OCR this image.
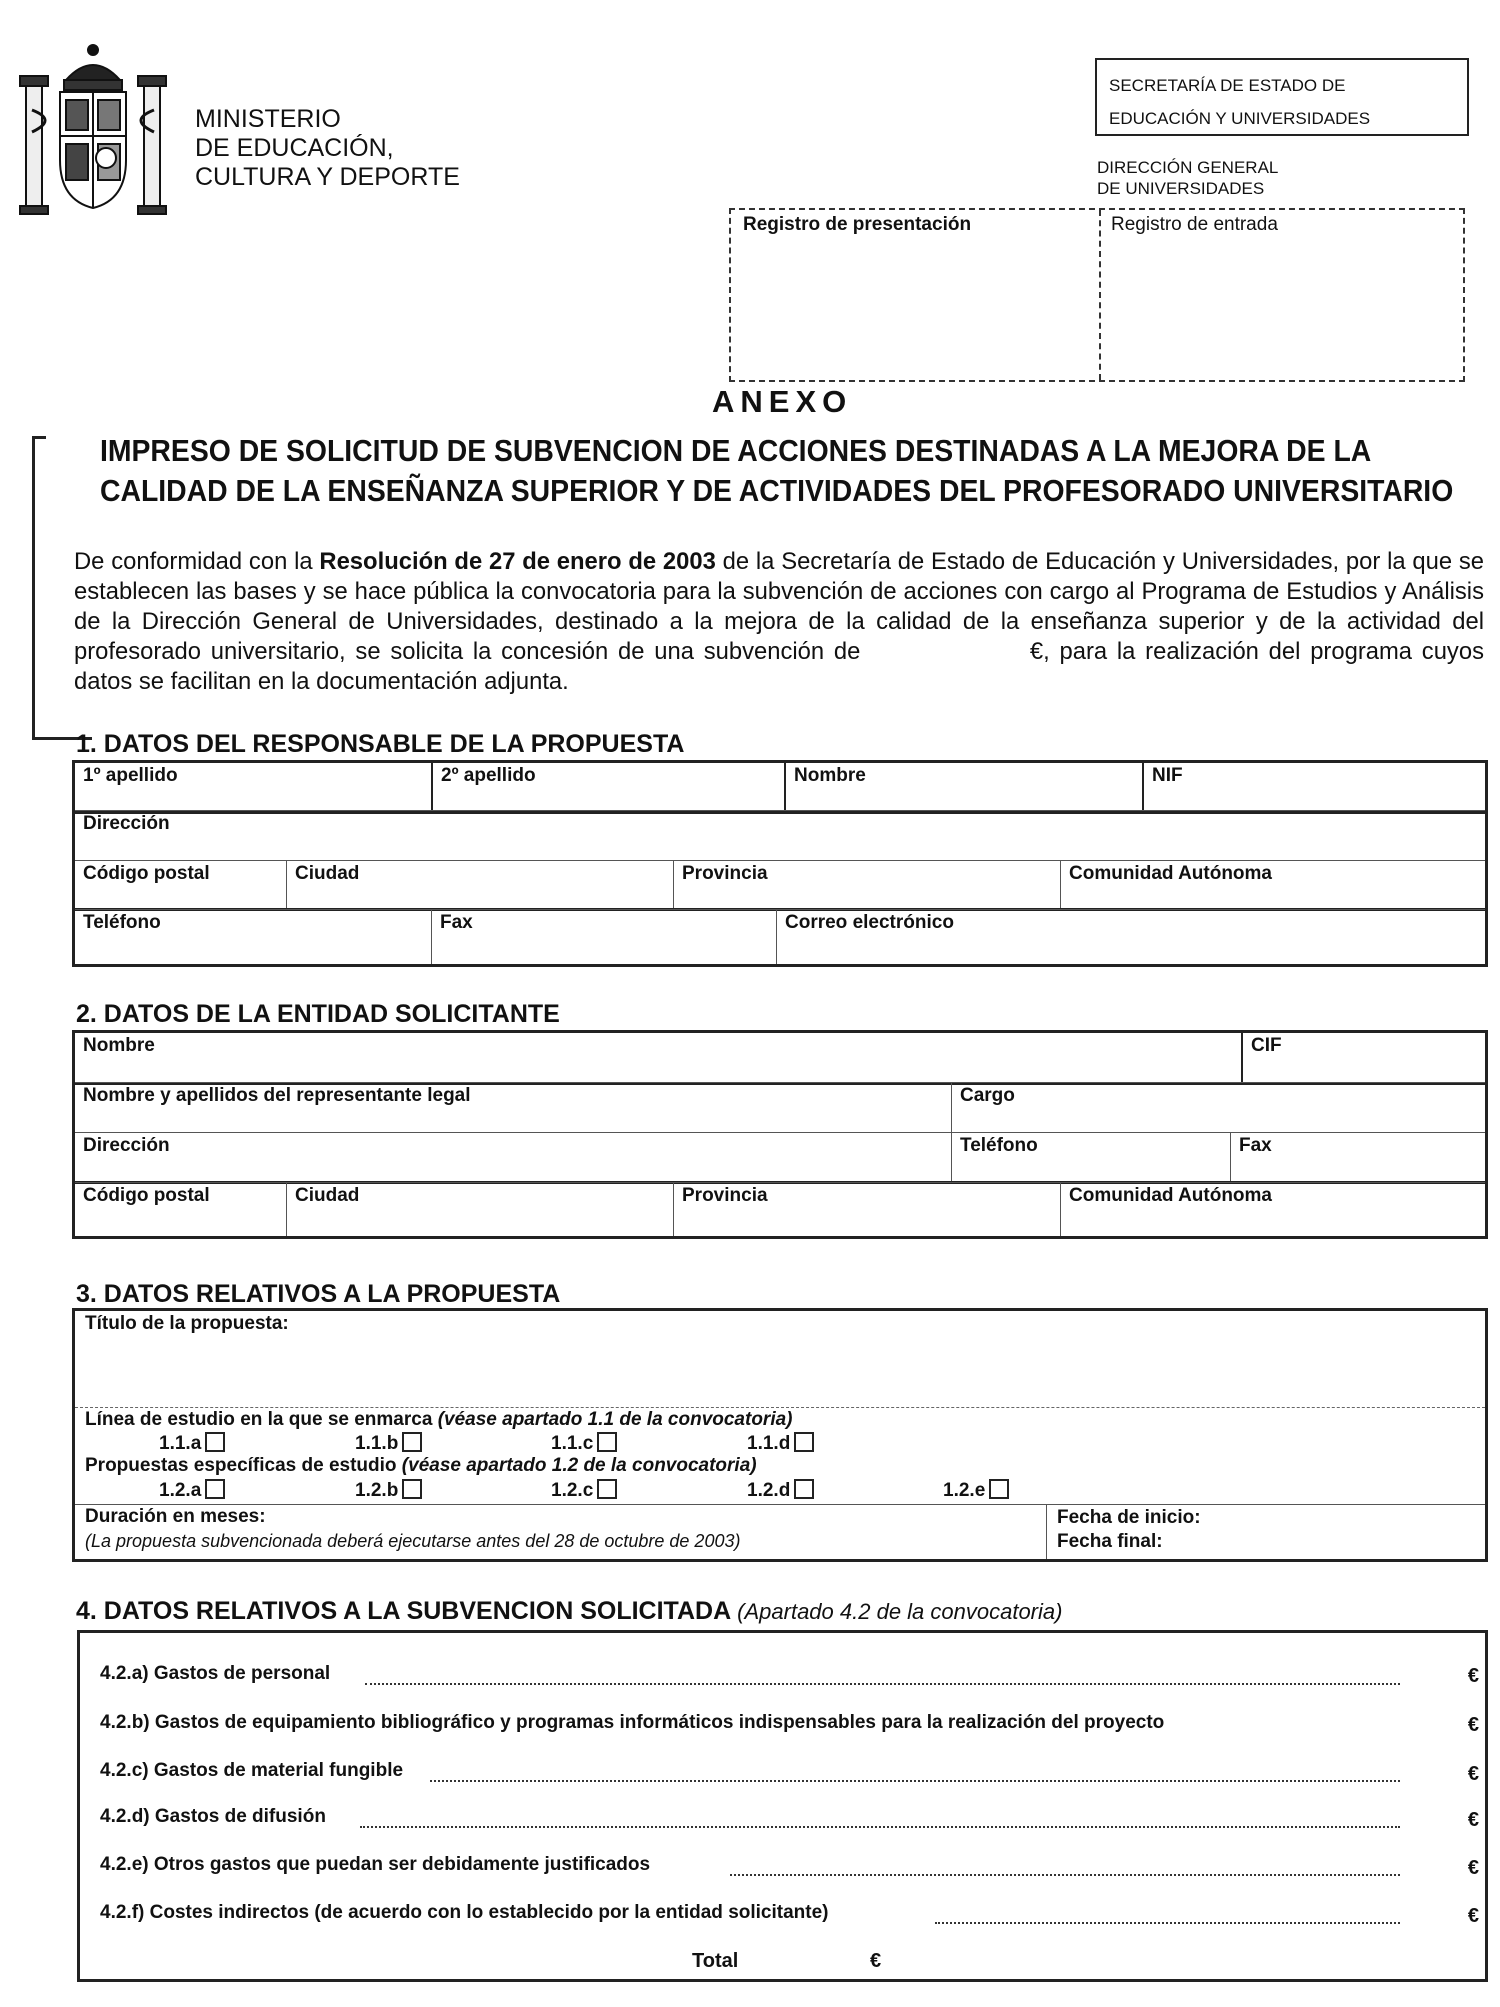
MINISTERIO
DE EDUCACIÓN,
CULTURA Y DEPORTE
SECRETARÍA DE ESTADO DE
EDUCACIÓN Y UNIVERSIDADES
DIRECCIÓN GENERAL
DE UNIVERSIDADES
Registro de presentación	Registro de entrada
ANEXO
IMPRESO DE SOLICITUD DE SUBVENCION DE ACCIONES DESTINADAS A LA MEJORA DE LA
CALIDAD DE LA ENSEÑANZA SUPERIOR Y DE ACTIVIDADES DEL PROFESORADO UNIVERSITARIO
De conformidad con la Resolución de 27 de enero de 2003 de la Secretaría de Estado de Educación y Universidades, por la que se establecen las bases y se hace pública la convocatoria para la subvención de acciones con cargo al Programa de Estudios y Análisis de la Dirección General de Universidades, destinado a la mejora de la calidad de la enseñanza superior y de la actividad del profesorado universitario, se solicita la concesión de una subvención de	€, para la realización del programa cuyos datos se facilitan en la documentación adjunta.
1. DATOS DEL RESPONSABLE DE LA PROPUESTA
1º apellido	2º apellido	Nombre	NIF
Dirección
Código postal	Ciudad	Provincia	Comunidad Autónoma
Teléfono	Fax	Correo electrónico
2. DATOS DE LA ENTIDAD SOLICITANTE
Nombre	CIF
Nombre y apellidos del representante legal	Cargo	
Dirección	Teléfono	Fax
Código postal	Ciudad	Provincia	Comunidad Autónoma
3. DATOS RELATIVOS A LA PROPUESTA
Título de la propuesta:
Línea de estudio en la que se enmarca (véase apartado 1.1 de la convocatoria)
1.1.a	1.1.b	1.1.c	1.1.d
Propuestas específicas de estudio (véase apartado 1.2 de la convocatoria)
1.2.a	1.2.b	1.2.c	1.2.d	1.2.e
Duración en meses:
(La propuesta subvencionada deberá ejecutarse antes del 28 de octubre de 2003)
Fecha de inicio:
Fecha final:
4. DATOS RELATIVOS A LA SUBVENCION SOLICITADA (Apartado 4.2 de la convocatoria)
4.2.a) Gastos de personal	€
4.2.b) Gastos de equipamiento bibliográfico y programas informáticos indispensables para la realización del proyecto	€
4.2.c) Gastos de material fungible	€
4.2.d) Gastos de difusión	€
4.2.e) Otros gastos que puedan ser debidamente justificados	€
4.2.f) Costes indirectos (de acuerdo con lo establecido por la entidad solicitante)	€
Total	€
